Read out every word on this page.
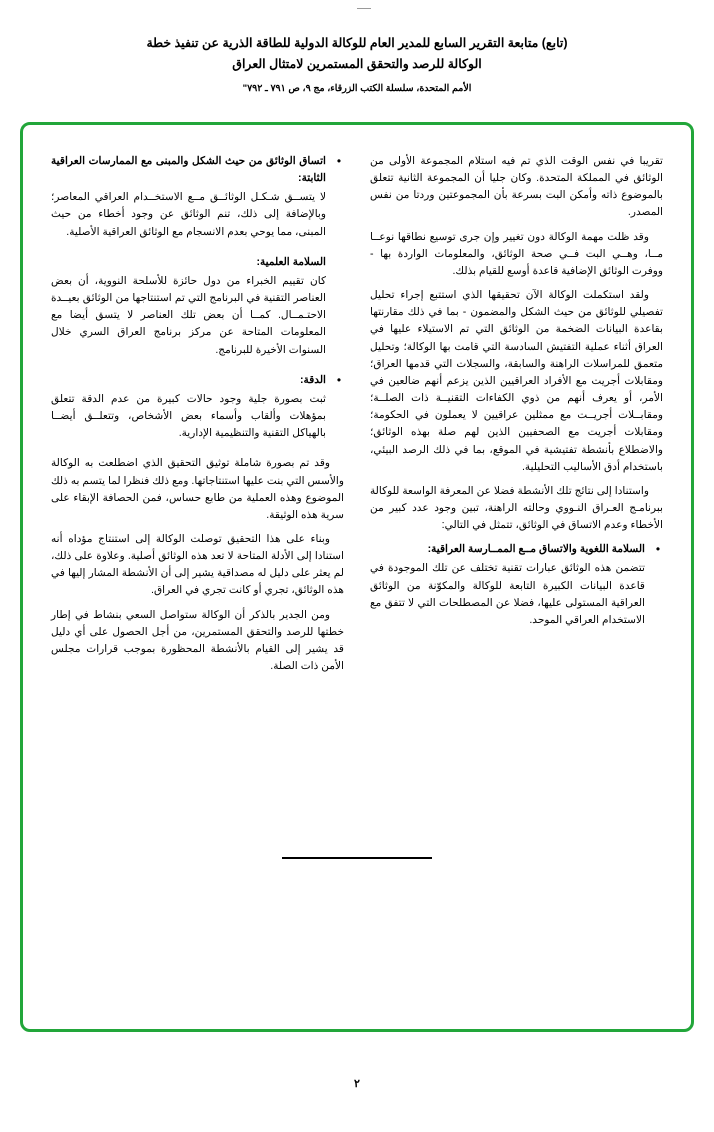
(تابع) متابعة التقرير السابع للمدير العام للوكالة الدولية للطاقة الذرية عن تنفيذ خطة
الوكالة للرصد والتحقق المستمرين لامتثال العراق
الأمم المتحدة، سلسلة الكتب الزرقاء، مج ٩، ص ٧٩١ ـ ٧٩٢"

تقريبا في نفس الوقت الذي تم فيه استلام المجموعة الأولى من الوثائق في المملكة المتحدة. وكان جليا أن المجموعة الثانية تتعلق بالموضوع ذاته وأمكن البت بسرعة بأن المجموعتين وردتا من نفس المصدر.

وقد ظلت مهمة الوكالة دون تغيير وإن جرى توسيع نطاقها نوعــا مــا، وهــي البت فــي صحة الوثائق، والمعلومات الواردة بها - ووفرت الوثائق الإضافية قاعدة أوسع للقيام بذلك.

ولقد استكملت الوكالة الآن تحقيقها الذي استتبع إجراء تحليل تفصيلي للوثائق من حيث الشكل والمضمون - بما في ذلك مقارنتها بقاعدة البيانات الضخمة من الوثائق التي تم الاستيلاء عليها في العراق أثناء عملية التفتيش السادسة التي قامت بها الوكالة؛ وتحليل متعمق للمراسلات الراهنة والسابقة، والسجلات التي قدمها العراق؛ ومقابلات أجريت مع الأفراد العراقيين الذين يزعم أنهم ضالعين في الأمر، أو يعرف أنهم من ذوي الكفاءات التقنيــة ذات الصلــة؛ ومقابــلات أجريــت مع ممثلين عراقيين لا يعملون في الحكومة؛ ومقابلات أجريت مع الصحفيين الذين لهم صلة بهذه الوثائق؛ والاضطلاع بأنشطة تفتيشية في الموقع، بما في ذلك الرصد البيئي، باستخدام أدق الأساليب التحليلية.

واستنادا إلى نتائج تلك الأنشطة فضلا عن المعرفة الواسعة للوكالة ببرنامـج العـراق النـووي وحالته الراهنة، تبين وجود عدد كبير من الأخطاء وعدم الاتساق في الوثائق، تتمثل في التالي:

•
السلامة اللغوية والاتساق مــع الممــارسة العراقية:

تتضمن هذه الوثائق عبارات تقنية تختلف عن تلك الموجودة في قاعدة البيانات الكبيرة التابعة للوكالة والمكوّنة من الوثائق العراقية المستولى عليها، فضلا عن المصطلحات التي لا تتفق مع الاستخدام العراقي الموحد.

•
اتساق الوثائق من حيث الشكل والمبنى مع الممارسات العراقية الثابتة:

لا يتســق شـكـل الوثائــق مــع الاستخــدام العراقي المعاصر؛ وبالإضافة إلى ذلك، تنم الوثائق عن وجود أخطاء من حيث المبنى، مما يوحي بعدم الانسجام مع الوثائق العراقية الأصلية.

السلامة العلمية:

كان تقييم الخبراء من دول حائزة للأسلحة النووية، أن بعض العناصر التقنية في البرنامج التي تم استنتاجها من الوثائق بعيــدة الاحتـمــال. كمــا أن بعض تلك العناصر لا يتسق أيضا مع المعلومات المتاحة عن مركز برنامج العراق السري خلال السنوات الأخيرة للبرنامج.

•
الدقة:

ثبت بصورة جلية وجود حالات كبيرة من عدم الدقة تتعلق بمؤهلات وألقاب وأسماء بعض الأشخاص، وتتعلــق أيضــا بالهياكل التقنية والتنظيمية الإدارية.

وقد تم بصورة شاملة توثيق التحقيق الذي اضطلعت به الوكالة والأسس التي بنت عليها استنتاجاتها. ومع ذلك فنظرا لما يتسم به ذلك الموضوع وهذه العملية من طابع حساس، فمن الحصافة الإبقاء على سرية هذه الوثيقة.

وبناء على هذا التحقيق توصلت الوكالة إلى استنتاج مؤداه أنه استنادا إلى الأدلة المتاحة لا تعد هذه الوثائق أصلية. وعلاوة على ذلك، لم يعثر على دليل له مصداقية يشير إلى أن الأنشطة المشار إليها في هذه الوثائق، تجري أو كانت تجري في العراق.

ومن الجدير بالذكر أن الوكالة ستواصل السعي بنشاط في إطار خطتها للرصد والتحقق المستمرين، من أجل الحصول على أي دليل قد يشير إلى القيام بالأنشطة المحظورة بموجب قرارات مجلس الأمن ذات الصلة.

٢
